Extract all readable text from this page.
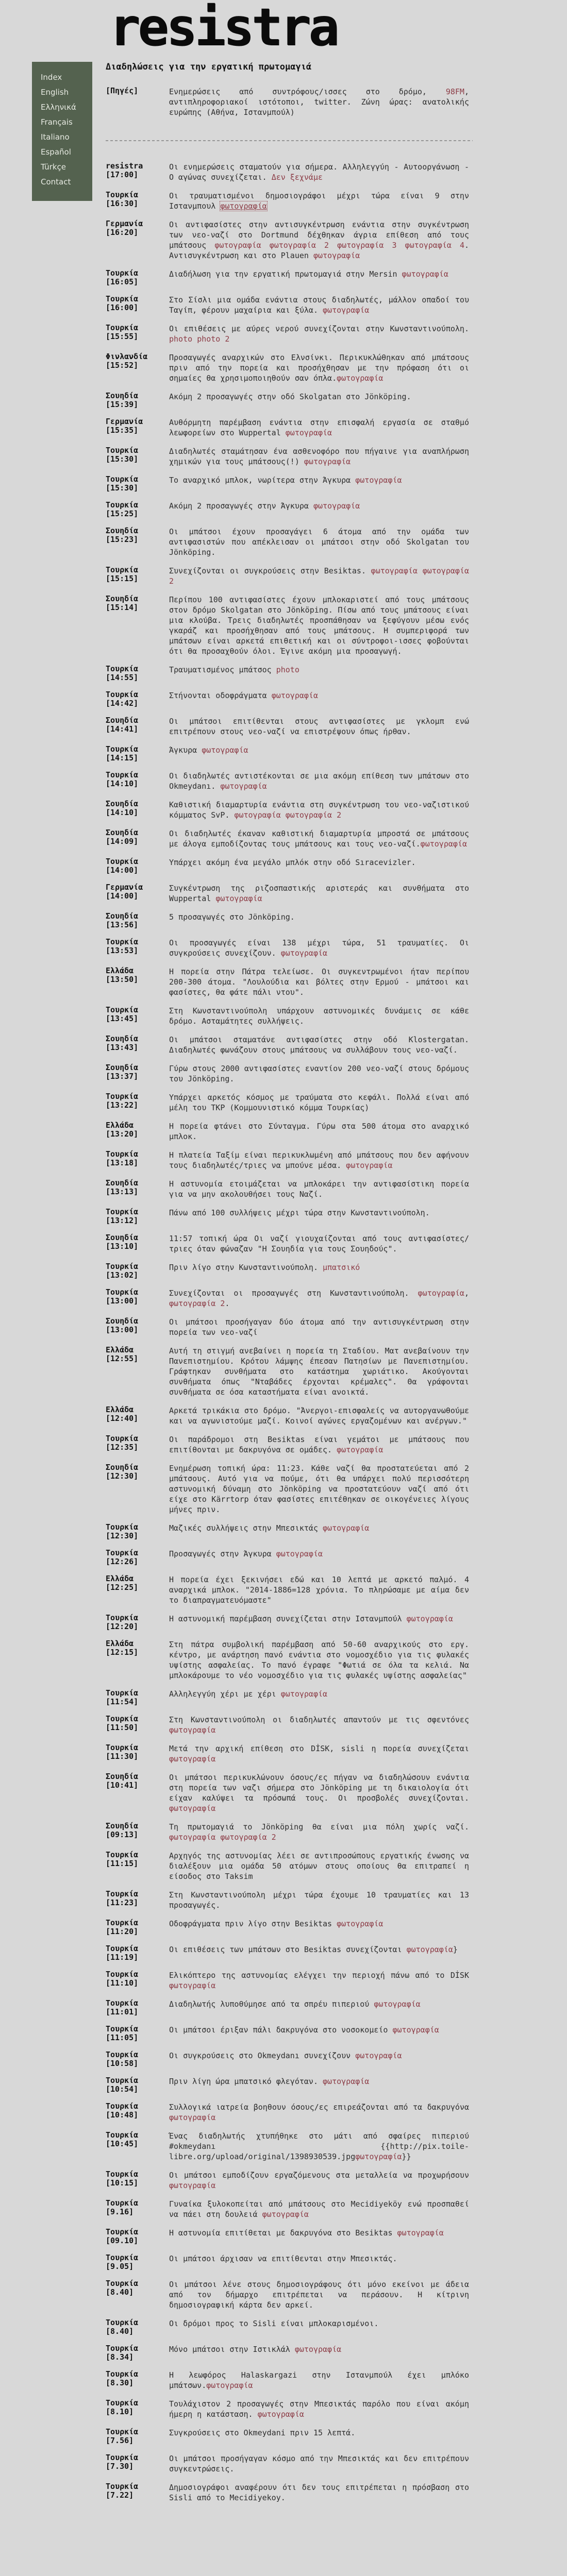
resistra
Index
English
Ελληνικά
Français
Italiano
Español
Türkçe
Contact
Διαδηλώσεις για την εργατική πρωτομαγιά
[Πηγές]	Ενημερώσεις από συντρόφους/ισσες στο δρόμο, 98FM, αντιπληροφοριακοί ιστότοποι, twitter. Ζώνη ώρας: ανατολικής ευρώπης (Αθήνα, Ιστανμπούλ)
resistra
[17:00]
Οι ενημερώσεις σταματούν για σήμερα. Αλληλεγγύη - Αυτοοργάνωση - Ο αγώνας συνεχίζεται. Δεν ξεχνάμε
Τουρκία
[16:30]
Οι τραυματισμένοι δημοσιογράφοι μέχρι τώρα είναι 9 στην Ιστανμπουλ φωτογραφία
Γερμανία
[16:20]
Οι αντιφασίστες στην αντισυγκέντρωση ενάντια στην συγκέντρωση των νεο-ναζί στο Dortmund δέχθηκαν άγρια επίθεση από τους μπάτσους φωτογραφία φωτογραφία 2 φωτογραφία 3 φωτογραφία 4. Αντισυγκέντρωση και στο Plauen φωτογραφία
Τουρκία
[16:05]
Διαδήλωση για την εργατική πρωτομαγιά στην Mersin φωτογραφία
Τουρκία
[16:00]
Στο Σίσλι μια ομάδα ενάντια στους διαδηλωτές, μάλλον οπαδοί του Ταγίπ, φέρουν μαχαίρια και ξύλα. φωτογραφία
Τουρκία
[15:55]
Οι επιθέσεις με αύρες νερού συνεχίζονται στην Κωνσταντινούπολη. photo photo 2
Φινλανδία
[15:52]
Προσαγωγές αναρχικών στο Ελνσίνκι. Περικυκλώθηκαν από μπάτσους πριν από την πορεία και προσήχθησαν με την πρόφαση ότι οι σημαίες θα χρησιμοποιηθούν σαν όπλα.φωτογραφία
Σουηδία
[15:39]
Ακόμη 2 προσαγωγές στην οδό Skolgatan στο Jönköping.
Γερμανία
[15:35]
Αυθόρμητη παρέμβαση ενάντια στην επισφαλή εργασία σε σταθμό λεωφορείων στο Wuppertal φωτογραφία
Τουρκία
[15:30]
Διαδηλωτές σταμάτησαν ένα ασθενοφόρο που πήγαινε για αναπλήρωση χημικών για τους μπάτσους(!) φωτογραφία
Τουρκία
[15:30]
Το αναρχικό μπλοκ, νωρίτερα στην Άγκυρα φωτογραφία
Τουρκία
[15:25]
Ακόμη 2 προσαγωγές στην Άγκυρα φωτογραφία
Σουηδία
[15:23]
Οι μπάτσοι έχουν προσαγάγει 6 άτομα από την ομάδα των αντιφασιστών που απέκλεισαν οι μπάτσοι στην οδό Skolgatan του Jönköping.
Τουρκία
[15:15]
Συνεχίζονται οι συγκρούσεις στην Besiktas. φωτογραφία φωτογραφία 2
Σουηδία
[15:14]
Περίπου 100 αντιφασίστες έχουν μπλοκαριστεί από τους μπάτσους στον δρόμο Skolgatan στο Jönköping. Πίσω από τους μπάτσους είναι μια κλούβα. Τρεις διαδηλωτές προσπάθησαν να ξεφύγουν μέσω ενός γκαράζ και προσήχθησαν από τους μπάτσους. Η συμπεριφορά των μπάτσων είναι αρκετά επιθετική και οι σύντροφοι-ισσες φοβούνται ότι θα προσαχθούν όλοι. Έγινε ακόμη μια προσαγωγή.
Τουρκία
[14:55]
Τραυματισμένος μπάτσος photo
Τουρκία
[14:42]
Στήνονται οδοφράγματα φωτογραφία
Σουηδία
[14:41]
Οι μπάτσοι επιτίθενται στους αντιφασίστες με γκλομπ ενώ επιτρέπουν στους νεο-ναζί να επιστρέψουν όπως ήρθαν.
Τουρκία
[14:15]
Άγκυρα φωτογραφία
Τουρκία
[14:10]
Οι διαδηλωτές αντιστέκονται σε μια ακόμη επίθεση των μπάτσων στο Okmeydanı. φωτογραφία
Σουηδία
[14:10]
Καθιστική διαμαρτυρία ενάντια στη συγκέντρωση του νεο-ναζιστικού κόμματος SvP. φωτογραφία φωτογραφία 2
Σουηδία
[14:09]
Οι διαδηλωτές έκαναν καθιστική διαμαρτυρία μπροστά σε μπάτσους με άλογα εμποδίζοντας τους μπάτσους και τους νεο-ναζί.φωτογραφία
Τουρκία
[14:00]
Υπάρχει ακόμη ένα μεγάλο μπλόκ στην οδό Sıracevizler.
Γερμανία
[14:00]
Συγκέντρωση της ριζοσπαστικής αριστεράς και συνθήματα στο Wuppertal φωτογραφία
Σουηδία
[13:56]
5 προσαγωγές στο Jönköping.
Τουρκία
[13:53]
Οι προσαγωγές είναι 138 μέχρι τώρα, 51 τραυματίες. Οι συγκρούσεις συνεχίζουν. φωτογραφία
Ελλάδα
[13:50]
Η πορεία στην Πάτρα τελείωσε. Οι συγκεντρωμένοι ήταν περίπου 200-300 άτομα. "Λουλούδια και βόλτες στην Ερμού - μπάτσοι και φασίστες, θα φάτε πάλι ντου".
Τουρκία
[13:45]
Στη Κωνσταντινούπολη υπάρχουν αστυνομικές δυνάμεις σε κάθε δρόμο. Ασταμάτητες συλλήψεις.
Σουηδία
[13:43]
Οι μπάτσοι σταματάνε αντιφασίστες στην οδό Klostergatan. Διαδηλωτές φωνάζουν στους μπάτσους να συλλάβουν τους νεο-ναζί.
Σουηδία
[13:37]
Γύρω στους 2000 αντιφασίστες εναντίον 200 νεο-ναζί στους δρόμους του Jönköping.
Τουρκία
[13:22]
Υπάρχει αρκετός κόσμος με τραύματα στο κεφάλι. Πολλά είναι από μέλη του TKP (Κομμουνιστικό κόμμα Τουρκίας)
Ελλάδα
[13:20]
Η πορεία φτάνει στο Σύνταγμα. Γύρω στα 500 άτομα στο αναρχικό μπλοκ.
Τουρκία
[13:18]
Η πλατεία Ταξίμ είναι περικυκλωμένη από μπάτσους που δεν αφήνουν τους διαδηλωτές/τριες να μπούνε μέσα. φωτογραφία
Σουηδία
[13:13]
Η αστυνομία ετοιμάζεται να μπλοκάρει την αντιφασίστικη πορεία για να μην ακολουθήσει τους Ναζί.
Τουρκία
[13:12]
Πάνω από 100 συλλήψεις μέχρι τώρα στην Κωνσταντινούπολη.
Σουηδία
[13:10]
11:57 τοπική ώρα Οι ναζί γιουχαίζονται από τους αντιφασίστες/τριες όταν φώναζαν "Η Σουηδία για τους Σουηδούς".
Τουρκία
[13:02]
Πριν λίγο στην Κωνσταντινούπολη. μπατσικό
Τουρκία
[13:00]
Συνεχίζονται οι προσαγωγές στη Κωνσταντινούπολη. φωτογραφία, φωτογραφία 2.
Σουηδία
[13:00]
Οι μπάτσοι προσήγαγαν δύο άτομα από την αντισυγκέντρωση στην πορεία των νεο-ναζί
Ελλάδα
[12:55]
Αυτή τη στιγμή ανεβαίνει η πορεία τη Σταδίου. Ματ ανεβαίνουν την Πανεπιστημίου. Κρότου λάμψης έπεσαν Πατησίων με Πανεπιστημίου. Γράφτηκαν συνθήματα στο κατάστημα χωριάτικο. Ακούγονται συνθήματα όπως "Νταβάδες έρχονται κρέμαλες". Θα γράφονται συνθήματα σε όσα καταστήματα είναι ανοικτά.
Ελλάδα
[12:40]
Αρκετά τρικάκια στο δρόμο. "Άνεργοι-επισφαλείς να αυτοργανωθούμε και να αγωνιστούμε μαζί. Κοινοί αγώνες εργαζομένων και ανέργων."
Τουρκία
[12:35]
Οι παράδρομοι στη Besiktas είναι γεμάτοι με μπάτσους που επιτίθονται με δακρυγόνα σε ομάδες. φωτογραφία
Σουηδία
[12:30]
Ενημέρωση τοπική ώρα: 11:23. Κάθε ναζί θα προστατεύεται από 2 μπάτσους. Αυτό για να πούμε, ότι θα υπάρχει πολύ περισσότερη αστυνομική δύναμη στο Jönköping να προστατεύουν ναζί από ότι είχε στο Kärrtorp όταν φασίστες επιτέθηκαν σε οικογένειες λίγους μήνες πριν.
Τουρκία
[12:30]
Μαζικές συλλήψεις στην Μπεσικτάς φωτογραφία
Τουρκία
[12:26]
Προσαγωγές στην Άγκυρα φωτογραφία
Ελλάδα
[12:25]
Η πορεία έχει ξεκινήσει εδώ και 10 λεπτά με αρκετό παλμό. 4 αναρχικά μπλοκ. "2014-1886=128 χρόνια. Το πληρώσαμε με αίμα δεν το διαπραγματευόμαστε"
Τουρκία
[12:20]
Η αστυνομική παρέμβαση συνεχίζεται στην Ιστανμπούλ φωτογραφία
Ελλάδα
[12:15]
Στη πάτρα συμβολική παρέμβαση από 50-60 αναρχικούς στο εργ. κέντρο, με ανάρτηση πανό ενάντια στο νομοσχέδιο για τις φυλακές υψίστης ασφαλείας. Το πανό έγραφε "Φωτιά σε όλα τα κελιά. Να μπλοκάρουμε το νέο νομοσχέδιο για τις φυλακές υψίστης ασφαλείας"
Τουρκία
[11:54]
Αλληλεγγύη χέρι με χέρι φωτογραφία
Τουρκία
[11:50]
Στη Κωνσταντινούπολη οι διαδηλωτές απαντούν με τις σφεντόνες φωτογραφία
Τουρκία
[11:30]
Μετά την αρχική επίθεση στο DİSK, sisli η πορεία συνεχίζεται φωτογραφία
Σουηδία
[10:41]
Οι μπάτσοι περικυκλώνουν όσους/ες πήγαν να διαδηλώσουν ενάντια στη πορεία των ναζι σήμερα στο Jönköping με τη δικαιολογία ότι είχαν καλύψει τα πρόσωπά τους. Οι προσβολές συνεχίζονται. φωτογραφία
Σουηδία
[09:13]
Τη πρωτομαγιά το Jönköping θα είναι μια πόλη χωρίς ναζί. φωτογραφία φωτογραφία 2
Τουρκία
[11:15]
Αρχηγός της αστυνομίας λέει σε αντιπροσώπους εργατικής ένωσης να διαλέξουν μια ομάδα 50 ατόμων στους οποίους θα επιτραπεί η είσοδος στο Taksim
Τουρκία
[11:23]
Στη Κωνσταντινούπολη μέχρι τώρα έχουμε 10 τραυματίες και 13 προσαγωγές.
Τουρκία
[11:20]
Οδοφράγματα πριν λίγο στην Besiktas φωτογραφία
Τουρκία
[11:19]
Οι επιθέσεις των μπάτσων στο Besiktas συνεχίζονται φωτογραφία}
Τουρκία
[11:10]
Ελικόπτερο της αστυνομίας ελέγχει την περιοχή πάνω από το DİSK φωτογραφία
Τουρκία
[11:01]
Διαδηλωτής λυποθύμησε από τα σπρέυ πιπεριού φωτογραφία
Τουρκία
[11:05]
Οι μπάτσοι έριξαν πάλι δακρυγόνα στο νοσοκομείο φωτογραφία
Τουρκία
[10:58]
Οι συγκρούσεις στο Okmeydanı συνεχίζουν φωτογραφία
Τουρκία
[10:54]
Πριν λίγη ώρα μπατσικό φλεγόταν. φωτογραφία
Τουρκία
[10:48]
Συλλογικά ιατρεία βοηθουν όσους/ες επιρεάζονται από τα δακρυγόνα φωτογραφία
Τουρκία
[10:45]
Ένας διαδηλωτής χτυπήθηκε στο μάτι από σφαίρες πιπεριού #okmeydanı {{http://pix.toile-libre.org/upload/original/1398930539.jpgφωτογραφία}}
Τουρκία
[10:15]
Οι μπάτσοι εμποδίζουν εργαζόμενους στα μεταλλεία να προχωρήσουν φωτογραφία
Τουρκία
[9.16]
Γυναίκα ξυλοκοπείται από μπάτσους στο Mecidiyeköy ενώ προσπαθεί να πάει στη δουλειά φωτογραφία
Τουρκία
[09.10]
Η αστυνομία επιτίθεται με δακρυγόνα στο Besiktas φωτογραφία
Τουρκία
[9.05]
Οι μπάτσοι άρχισαν να επιτίθενται στην Μπεσικτάς.
Τουρκία
[8.40]
Οι μπάτσοι λένε στους δημοσιογράφους ότι μόνο εκείνοι με άδεια από τον δήμαρχο επιτρέπεται να περάσουν. Η κίτρινη δημοσιογραφική κάρτα δεν αρκεί.
Τουρκία
[8.40]
Οι δρόμοι προς το Sisli είναι μπλοκαρισμένοι.
Τουρκία
[8.34]
Μόνο μπάτσοι στην Ιστικλάλ φωτογραφία
Τουρκία
[8.30]
Η λεωφόρος Halaskargazi στην Ιστανμπούλ έχει μπλόκο μπάτσων.φωτογραφία
Τουρκία
[8.10]
Τουλάχιστον 2 προσαγωγές στην Μπεσικτάς παρόλο που είναι ακόμη ήμερη η κατάσταση. φωτογραφία
Τουρκία
[7.56]
Συγκρούσεις στο Okmeydani πριν 15 λεπτά.
Τουρκία
[7.30]
Οι μπάτσοι προσήγαγαν κόσμο από την Μπεσικτάς και δεν επιτρέπουν συγκεντρώσεις.
Τουρκία
[7.22]
Δημοσιογράφοι αναφέρουν ότι δεν τους επιτρέπεται η πρόσβαση στο Sisli από το Mecidiyekoy.
